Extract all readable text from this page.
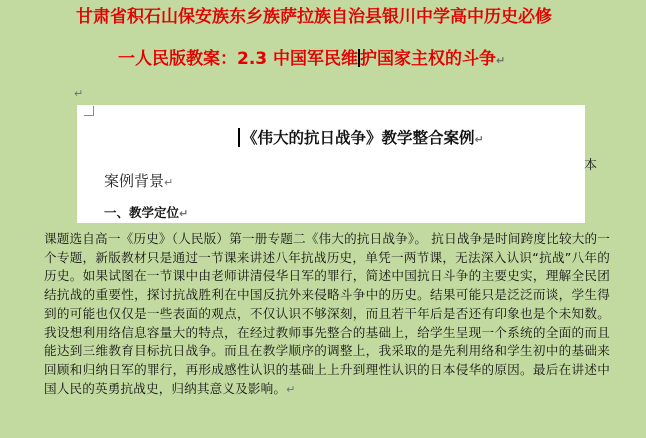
甘肃省积石山保安族东乡族萨拉族自治县银川中学高中历史必修
一人民版教案：2.3 中国军民维 护国家主权的斗争↵
↵
《伟大的抗日战争》教学整合案例↵
本
案例背景↵
一、教学定位↵
课题选自高一《历史》（人民版）第一册专题二《伟大的抗日战争》。 抗日战争是时间跨度比较大的一个专题，新版教材只是通过一节课来讲述八年抗战历史，单凭一两节课，无法深入认识“抗战”八年的历史。如果试图在一节课中由老师讲清侵华日军的罪行，简述中国抗日斗争的主要史实，理解全民团结抗战的重要性，探讨抗战胜利在中国反抗外来侵略斗争中的历史。结果可能只是泛泛而谈，学生得到的可能也仅仅是一些表面的观点，不仅认识不够深刻，而且若干年后是否还有印象也是个未知数。我设想利用络信息容量大的特点，在经过教师事先整合的基础上，给学生呈现一个系统的全面的而且能达到三维教育目标抗日战争。而且在教学顺序的调整上，我采取的是先利用络和学生初中的基础来回顾和归纳日军的罪行，再形成感性认识的基础上上升到理性认识的日本侵华的原因。最后在讲述中国人民的英勇抗战史，归纳其意义及影响。↵
